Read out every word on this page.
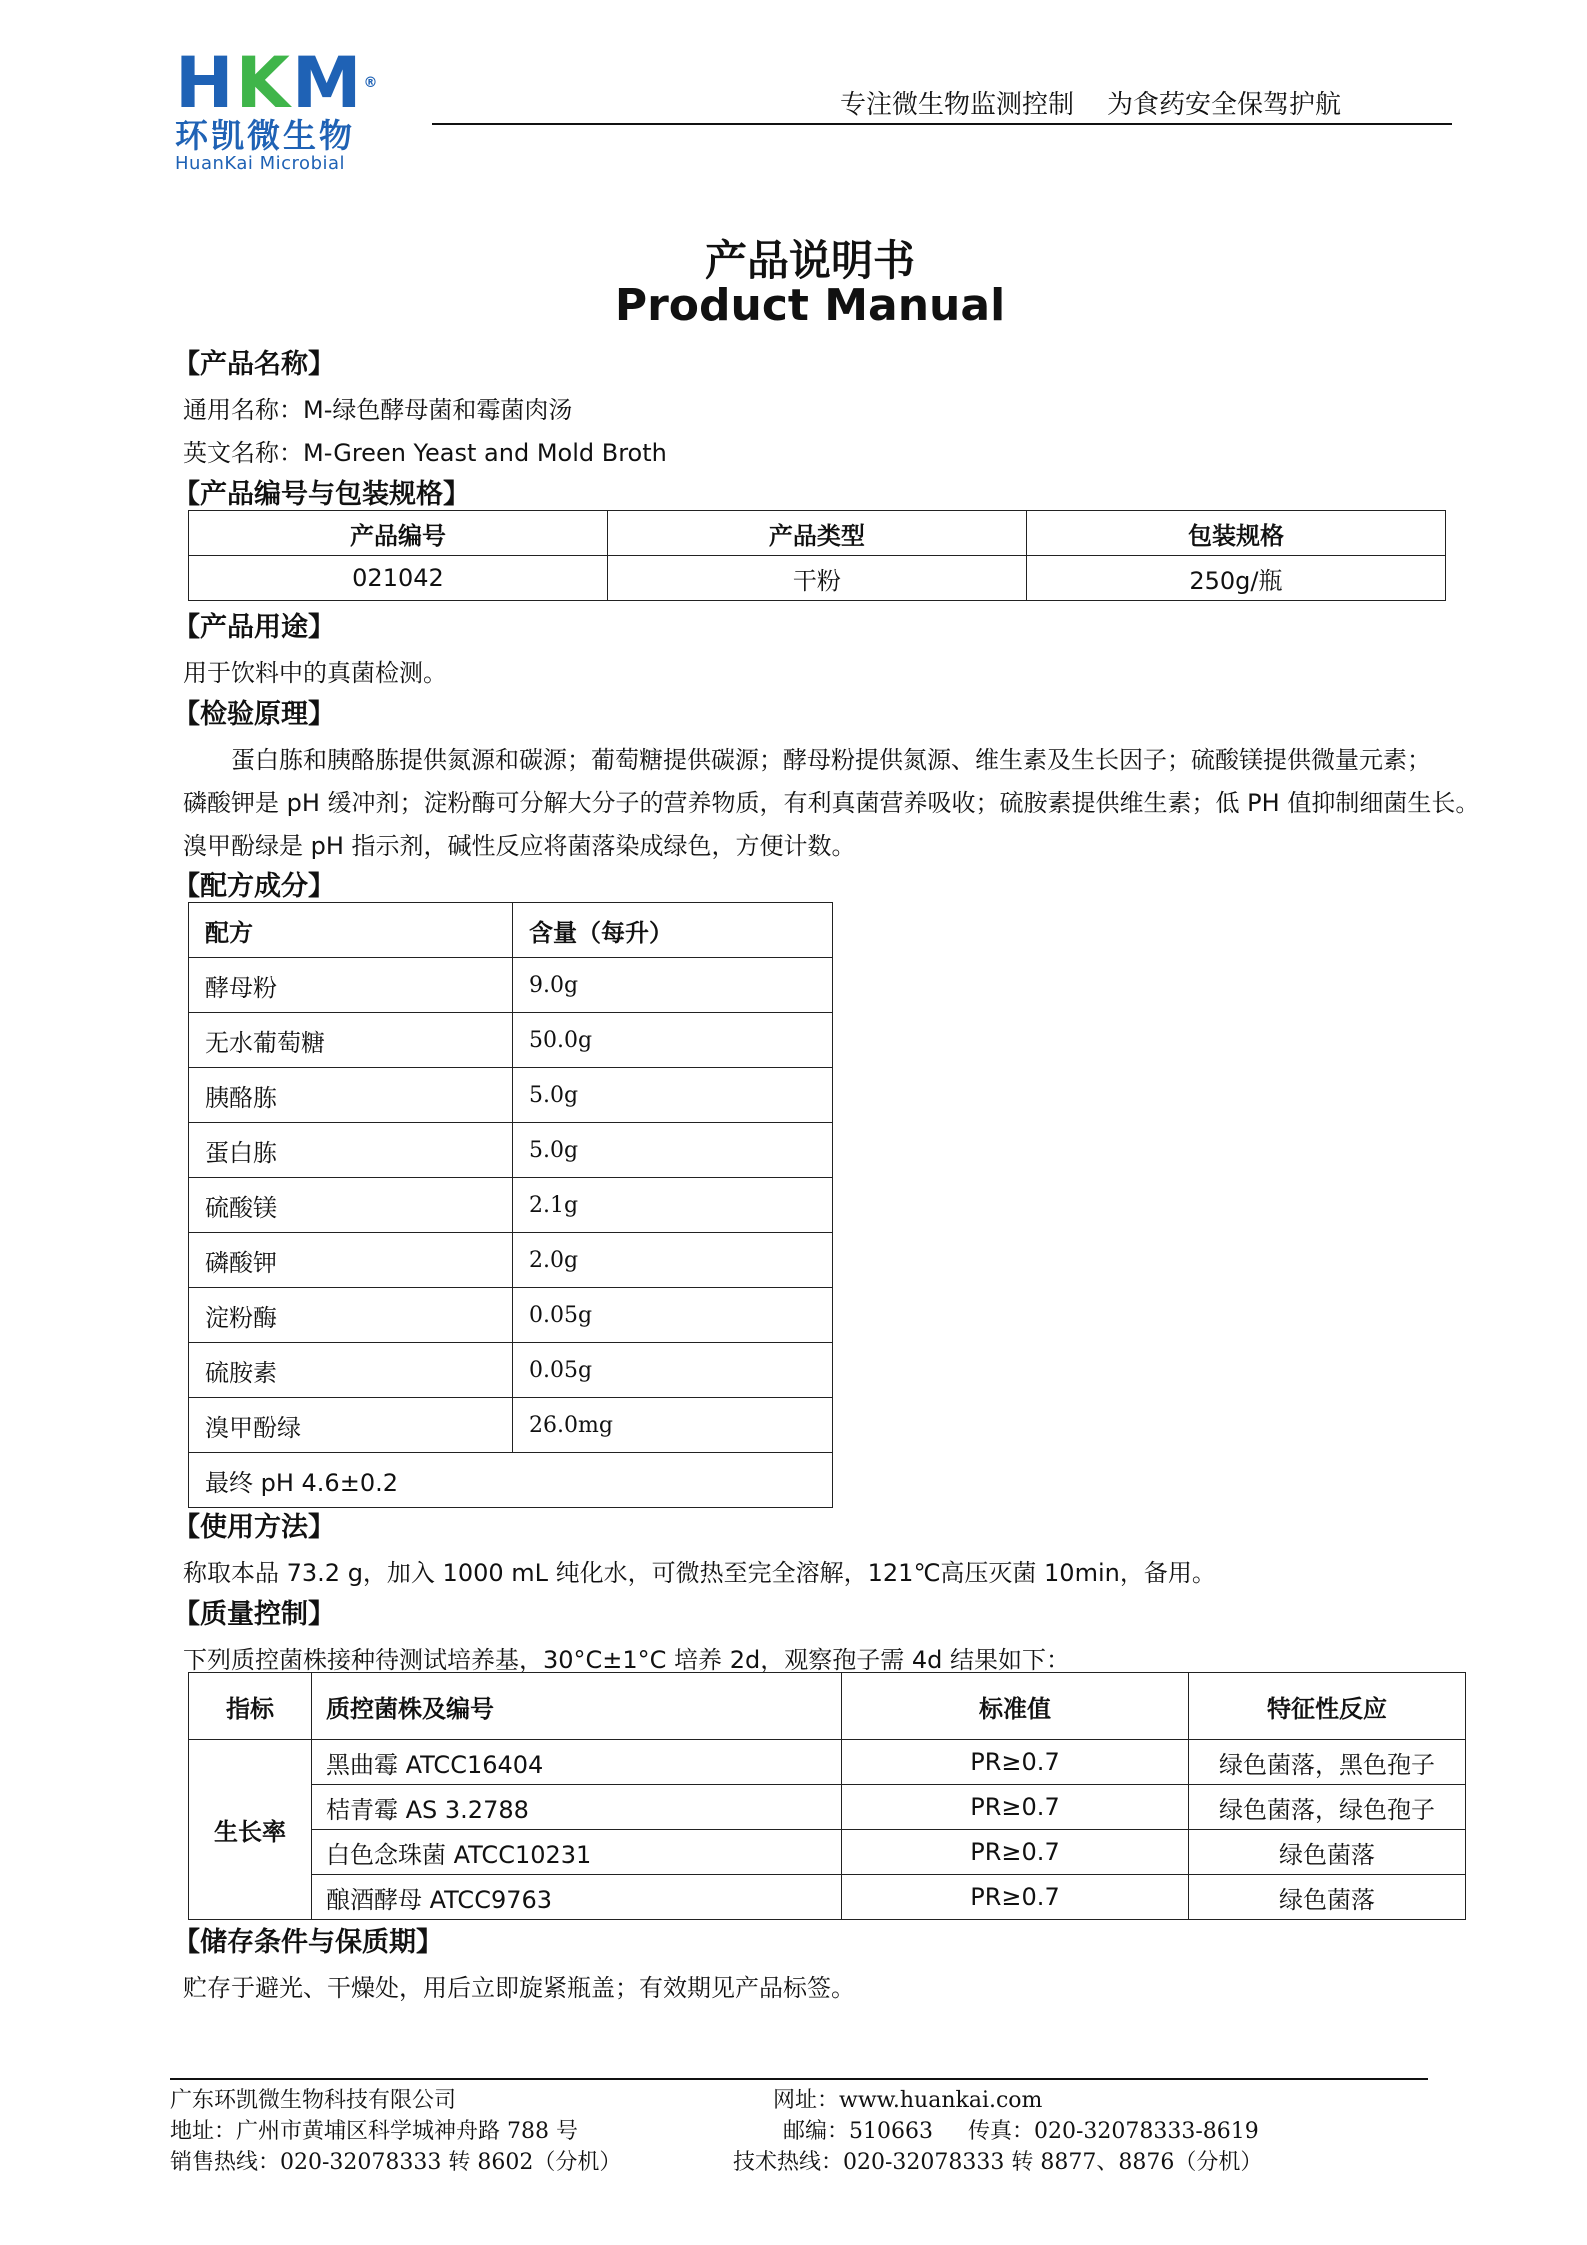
HKM®
环凯微生物
HuanKai Microbial
专注微生物监测控制    为食药安全保驾护航
产品说明书
Product Manual
【产品名称】
通用名称：M-绿色酵母菌和霉菌肉汤
英文名称：M-Green Yeast and Mold Broth
【产品编号与包装规格】
产品编号	产品类型	包装规格
021042	干粉	250g/瓶
【产品用途】
用于饮料中的真菌检测。
【检验原理】
蛋白胨和胰酪胨提供氮源和碳源；葡萄糖提供碳源；酵母粉提供氮源、维生素及生长因子；硫酸镁提供微量元素；
磷酸钾是 pH 缓冲剂；淀粉酶可分解大分子的营养物质，有利真菌营养吸收；硫胺素提供维生素；低 PH 值抑制细菌生长。
溴甲酚绿是 pH 指示剂，碱性反应将菌落染成绿色，方便计数。
【配方成分】
配方	含量（每升）
酵母粉	9.0g
无水葡萄糖	50.0g
胰酪胨	5.0g
蛋白胨	5.0g
硫酸镁	2.1g
磷酸钾	2.0g
淀粉酶	0.05g
硫胺素	0.05g
溴甲酚绿	26.0mg
最终 pH 4.6±0.2	
【使用方法】
称取本品 73.2 g，加入 1000 mL 纯化水，可微热至完全溶解，121℃高压灭菌 10min，备用。
【质量控制】
下列质控菌株接种待测试培养基，30°C±1°C 培养 2d，观察孢子需 4d 结果如下：
指标	质控菌株及编号	标准值	特征性反应
生长率	黑曲霉 ATCC16404	PR≥0.7	绿色菌落，黑色孢子
	桔青霉 AS 3.2788	PR≥0.7	绿色菌落，绿色孢子
	白色念珠菌 ATCC10231	PR≥0.7	绿色菌落
	酿酒酵母 ATCC9763	PR≥0.7	绿色菌落
【储存条件与保质期】
贮存于避光、干燥处，用后立即旋紧瓶盖；有效期见产品标签。
广东环凯微生物科技有限公司
地址：广州市黄埔区科学城神舟路 788 号
销售热线：020-32078333 转 8602（分机）
网址：www.huankai.com
邮编：510663     传真：020-32078333-8619
技术热线：020-32078333 转 8877、8876（分机）
